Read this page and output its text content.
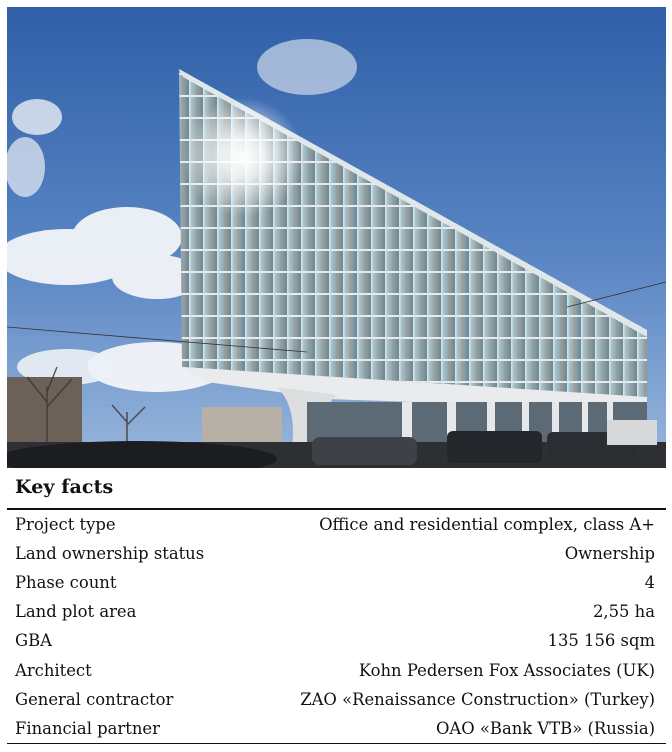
Key facts
Project type	Office and residential complex, class A+
Land ownership status	Ownership
Phase count	4
Land plot area	2,55 ha
GBA	135 156 sqm
Architect	Kohn Pedersen Fox Associates (UK)
General contractor	ZAO «Renaissance Construction» (Turkey)
Financial partner	OAO «Bank VTB» (Russia)
